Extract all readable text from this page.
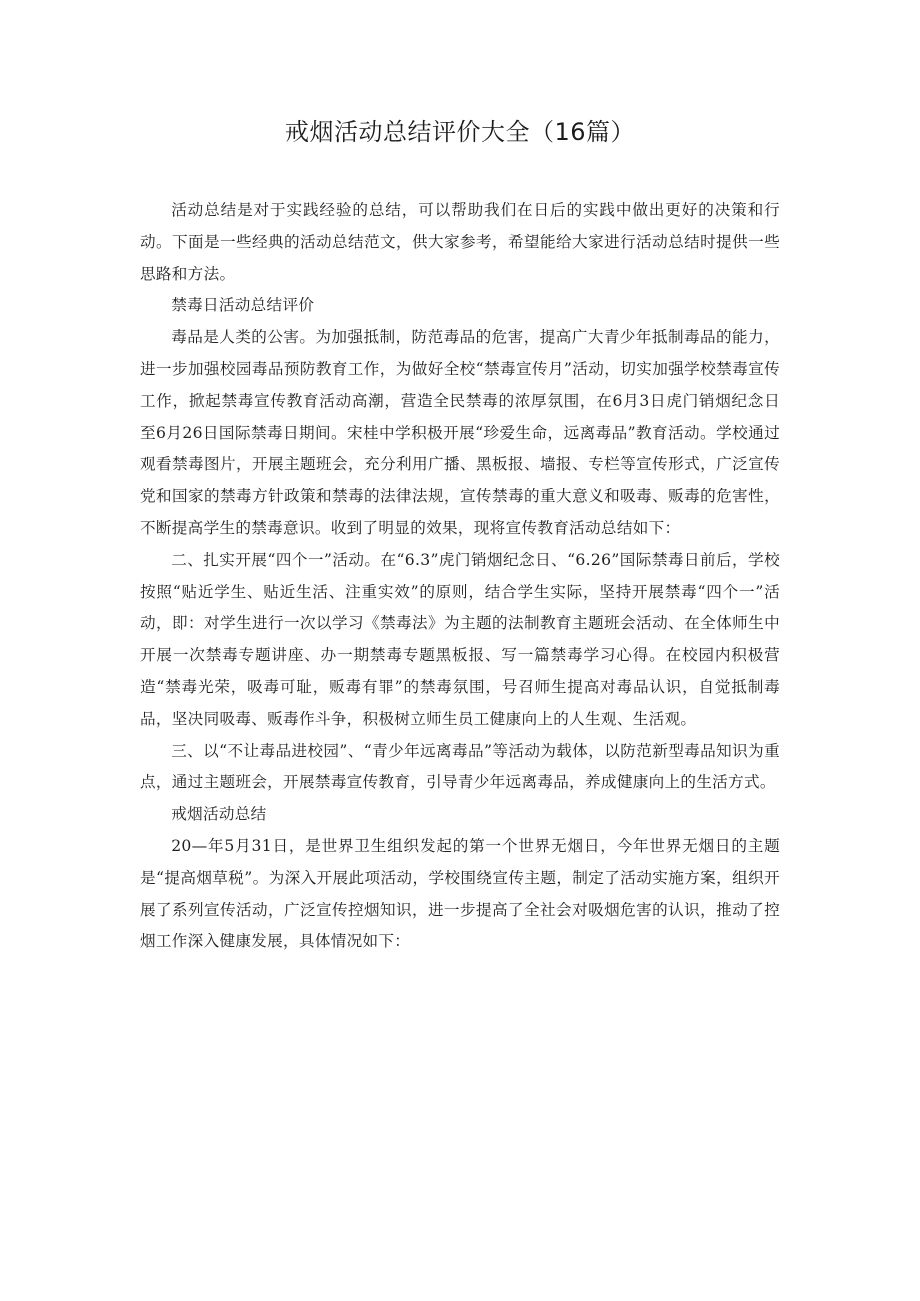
戒烟活动总结评价大全（16篇）

活动总结是对于实践经验的总结，可以帮助我们在日后的实践中做出更好的决策和行动。下面是一些经典的活动总结范文，供大家参考，希望能给大家进行活动总结时提供一些思路和方法。

禁毒日活动总结评价

毒品是人类的公害。为加强抵制，防范毒品的危害，提高广大青少年抵制毒品的能力，进一步加强校园毒品预防教育工作，为做好全校“禁毒宣传月”活动，切实加强学校禁毒宣传工作，掀起禁毒宣传教育活动高潮，营造全民禁毒的浓厚氛围，在6月3日虎门销烟纪念日至6月26日国际禁毒日期间。宋桂中学积极开展“珍爱生命，远离毒品”教育活动。学校通过观看禁毒图片，开展主题班会，充分利用广播、黑板报、墙报、专栏等宣传形式，广泛宣传党和国家的禁毒方针政策和禁毒的法律法规，宣传禁毒的重大意义和吸毒、贩毒的危害性，不断提高学生的禁毒意识。收到了明显的效果，现将宣传教育活动总结如下：

二、扎实开展“四个一”活动。在“6.3”虎门销烟纪念日、“6.26”国际禁毒日前后，学校按照“贴近学生、贴近生活、注重实效”的原则，结合学生实际，坚持开展禁毒“四个一”活动，即：对学生进行一次以学习《禁毒法》为主题的法制教育主题班会活动、在全体师生中开展一次禁毒专题讲座、办一期禁毒专题黑板报、写一篇禁毒学习心得。在校园内积极营造“禁毒光荣，吸毒可耻，贩毒有罪”的禁毒氛围，号召师生提高对毒品认识，自觉抵制毒品，坚决同吸毒、贩毒作斗争，积极树立师生员工健康向上的人生观、生活观。

三、以“不让毒品进校园”、“青少年远离毒品”等活动为载体，以防范新型毒品知识为重点，通过主题班会，开展禁毒宣传教育，引导青少年远离毒品，养成健康向上的生活方式。

戒烟活动总结

20—年5月31日，是世界卫生组织发起的第一个世界无烟日，今年世界无烟日的主题是“提高烟草税”。为深入开展此项活动，学校围绕宣传主题，制定了活动实施方案，组织开展了系列宣传活动，广泛宣传控烟知识，进一步提高了全社会对吸烟危害的认识，推动了控烟工作深入健康发展，具体情况如下：
